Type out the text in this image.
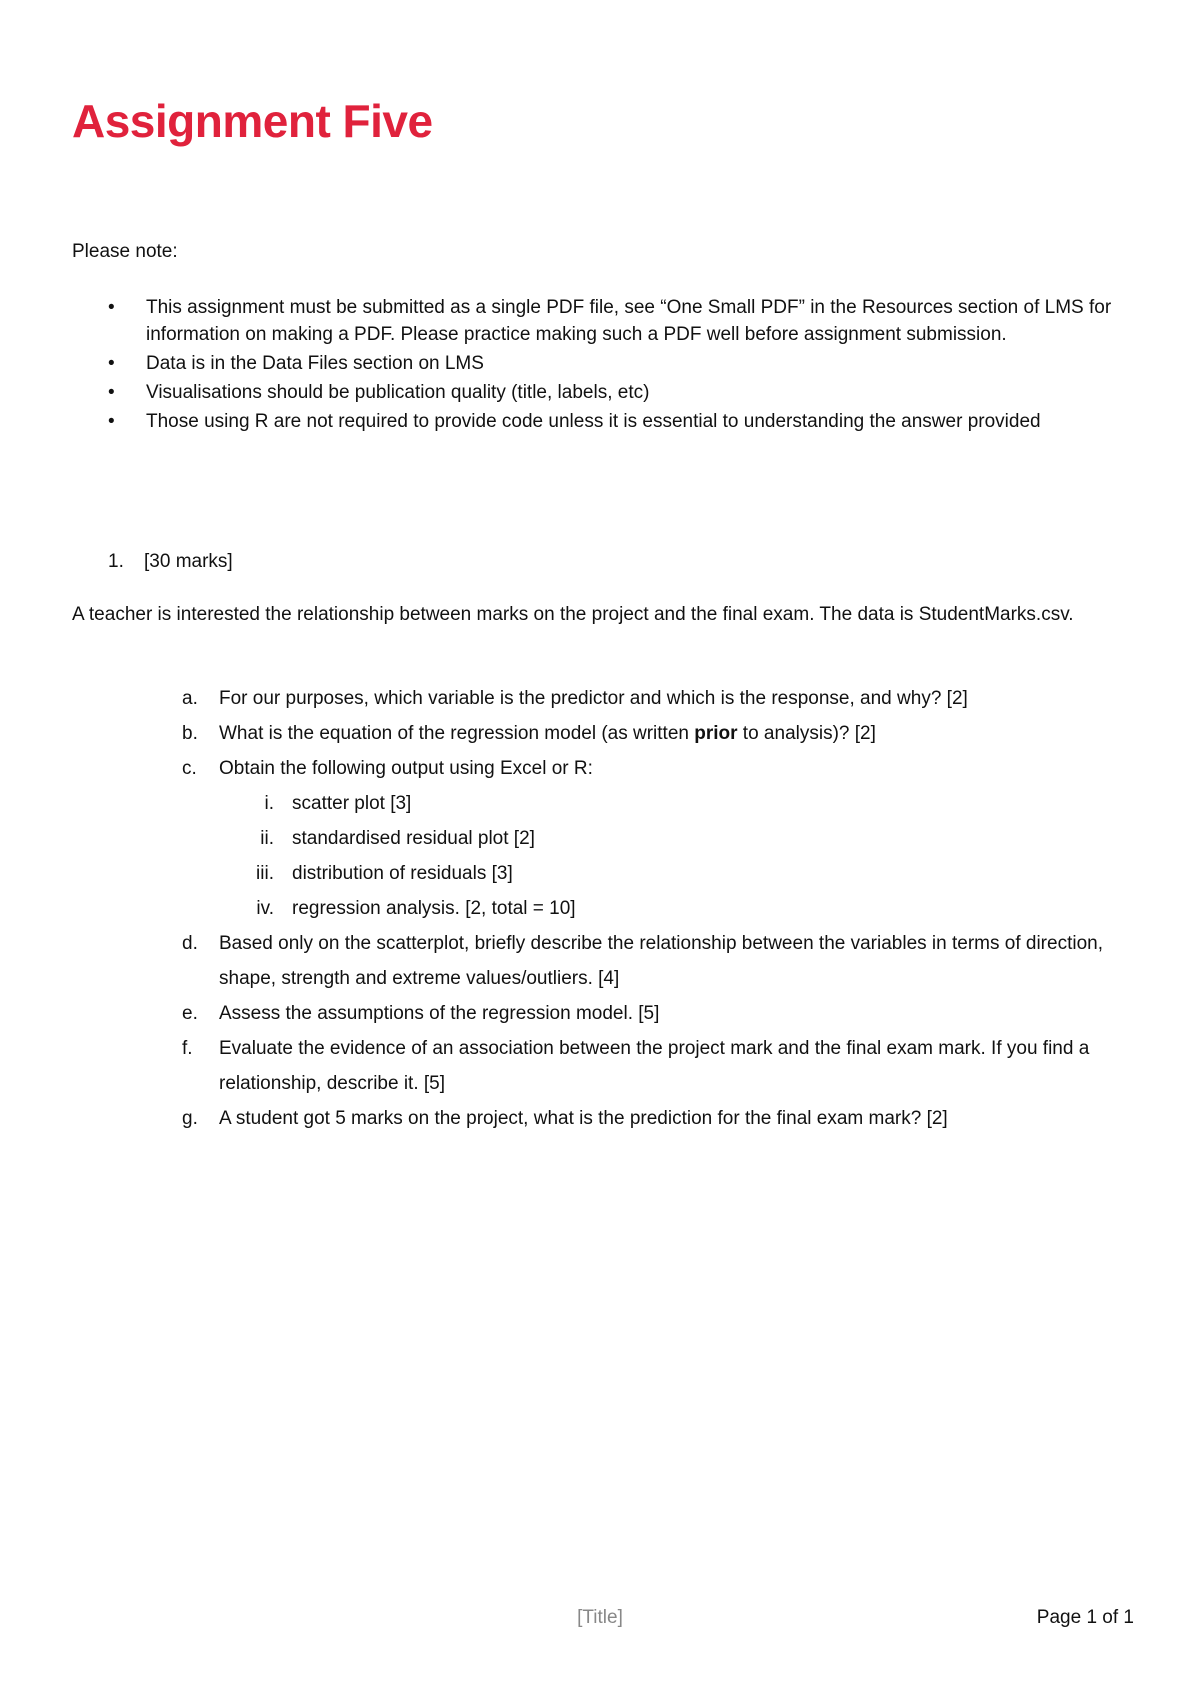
Assignment Five
Please note:
• This assignment must be submitted as a single PDF file, see “One Small PDF” in the Resources section of LMS for information on making a PDF. Please practice making such a PDF well before assignment submission.
• Data is in the Data Files section on LMS
• Visualisations should be publication quality (title, labels, etc)
• Those using R are not required to provide code unless it is essential to understanding the answer provided
1. [30 marks]

A teacher is interested the relationship between marks on the project and the final exam. The data is StudentMarks.csv.

a.	For our purposes, which variable is the predictor and which is the response, and why? [2]
b.	What is the equation of the regression model (as written prior to analysis)? [2]
c.	Obtain the following output using Excel or R:
i. scatter plot [3]
ii. standardised residual plot [2]
iii. distribution of residuals [3]
iv. regression analysis. [2, total = 10]
d.	Based only on the scatterplot, briefly describe the relationship between the variables in terms of direction, shape, strength and extreme values/outliers. [4]
e.	Assess the assumptions of the regression model. [5]
f.	Evaluate the evidence of an association between the project mark and the final exam mark. If you find a relationship, describe it. [5]
g.	A student got 5 marks on the project, what is the prediction for the final exam mark? [2]
[Title]	Page 1 of 1
